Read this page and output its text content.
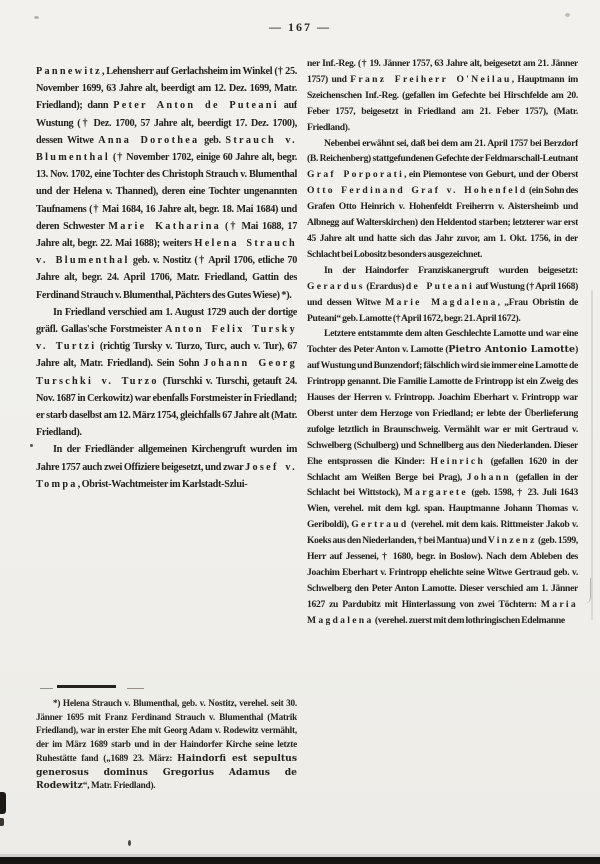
— 167 —

Pannewitz, Lehensherr auf Gerlachsheim im Winkel († 25. November 1699, 63 Jahre alt, beerdigt am 12. Dez. 1699, Matr. Friedland); dann Peter Anton de Puteani auf Wustung († Dez. 1700, 57 Jahre alt, beerdigt 17. Dez. 1700), dessen Witwe Anna Dorothea geb. Strauch v. Blumenthal († November 1702, einige 60 Jahre alt, begr. 13. Nov. 1702, eine Tochter des Christoph Strauch v. Blumenthal und der Helena v. Thanned), deren eine Tochter ungenannten Taufnamens († Mai 1684, 16 Jahre alt, begr. 18. Mai 1684) und deren Schwester Marie Katharina († Mai 1688, 17 Jahre alt, begr. 22. Mai 1688); weiters Helena Strauch v. Blumenthal geb. v. Nostitz († April 1706, etliche 70 Jahre alt, begr. 24. April 1706, Matr. Friedland, Gattin des Ferdinand Strauch v. Blumenthal, Pächters des Gutes Wiese) *).

In Friedland verschied am 1. August 1729 auch der dortige gräfl. Gallas'sche Forstmeister Anton Felix Tursky v. Turtzi (richtig Tursky v. Turzo, Turc, auch v. Tur), 67 Jahre alt, Matr. Friedland). Sein Sohn Johann Georg Turschki v. Turzo (Turschki v. Turschi, getauft 24. Nov. 1687 in Cerkowitz) war ebenfalls Forstmeister in Friedland; er starb daselbst am 12. März 1754, gleichfalls 67 Jahre alt (Matr. Friedland).

In der Friedländer allgemeinen Kirchengruft wurden im Jahre 1757 auch zwei Offiziere beigesetzt, und zwar Josef v. Tompa, Obrist-Wachtmeister im Karlstadt-Szlui-

ner Inf.-Reg. († 19. Jänner 1757, 63 Jahre alt, beigesetzt am 21. Jänner 1757) und Franz Freiherr O'Neilau, Hauptmann im Szeichenschen Inf.-Reg. (gefallen im Gefechte bei Hirschfelde am 20. Feber 1757, beigesetzt in Friedland am 21. Feber 1757), (Matr. Friedland).

Nebenbei erwähnt sei, daß bei dem am 21. April 1757 bei Berzdorf (B. Reichenberg) stattgefundenen Gefechte der Feldmarschall-Leutnant Graf Porporati, ein Piemontese von Geburt, und der Oberst Otto Ferdinand Graf v. Hohenfeld (ein Sohn des Grafen Otto Heinrich v. Hohenfeldt Freiherrn v. Aistersheimb und Albnegg auf Walterskirchen) den Heldentod starben; letzterer war erst 45 Jahre alt und hatte sich das Jahr zuvor, am 1. Okt. 1756, in der Schlacht bei Lobositz besonders ausgezeichnet.

In der Haindorfer Franziskanergruft wurden beigesetzt: Gerardus (Erardus) de Puteani auf Wustung († April 1668) und dessen Witwe Marie Magdalena, „Frau Obristin de Puteani“ geb. Lamotte († April 1672, begr. 21. April 1672).

Letztere entstammte dem alten Geschlechte Lamotte und war eine Tochter des Peter Anton v. Lamotte (Pietro Antonio Lamotte) auf Wustung und Bunzendorf; fälschlich wird sie immer eine Lamotte de Frintropp genannt. Die Familie Lamotte de Frintropp ist ein Zweig des Hauses der Herren v. Frintropp. Joachim Eberhart v. Frintropp war Oberst unter dem Herzoge von Friedland; er lebte der Überlieferung zufolge letztlich in Braunschweig. Vermählt war er mit Gertraud v. Schwelberg (Schulberg) und Schnellberg aus den Niederlanden. Dieser Ehe entsprossen die Kinder: Heinrich (gefallen 1620 in der Schlacht am Weißen Berge bei Prag), Johann (gefallen in der Schlacht bei Wittstock), Margarete (geb. 1598, † 23. Juli 1643 Wien, verehel. mit dem kgl. span. Hauptmanne Johann Thomas v. Geriboldi), Gertraud (verehel. mit dem kais. Rittmeister Jakob v. Koeks aus den Niederlanden, † bei Mantua) und Vinzenz (geb. 1599, Herr auf Jessenei, † 1680, begr. in Boslow). Nach dem Ableben des Joachim Eberhart v. Frintropp ehelichte seine Witwe Gertraud geb. v. Schwelberg den Peter Anton Lamotte. Dieser verschied am 1. Jänner 1627 zu Pardubitz mit Hinterlassung von zwei Töchtern: Maria Magdalena (verehel. zuerst mit dem lothringischen Edelmanne

*) Helena Strauch v. Blumenthal, geb. v. Nostitz, verehel. seit 30. Jänner 1695 mit Franz Ferdinand Strauch v. Blumenthal (Matrik Friedland), war in erster Ehe mit Georg Adam v. Rodewitz vermählt, der im März 1689 starb und in der Haindorfer Kirche seine letzte Ruhestätte fand („1689 23. März: Haindorfi est sepultus generosus dominus Gregorius Adamus de Rodewitz“, Matr. Friedland).
